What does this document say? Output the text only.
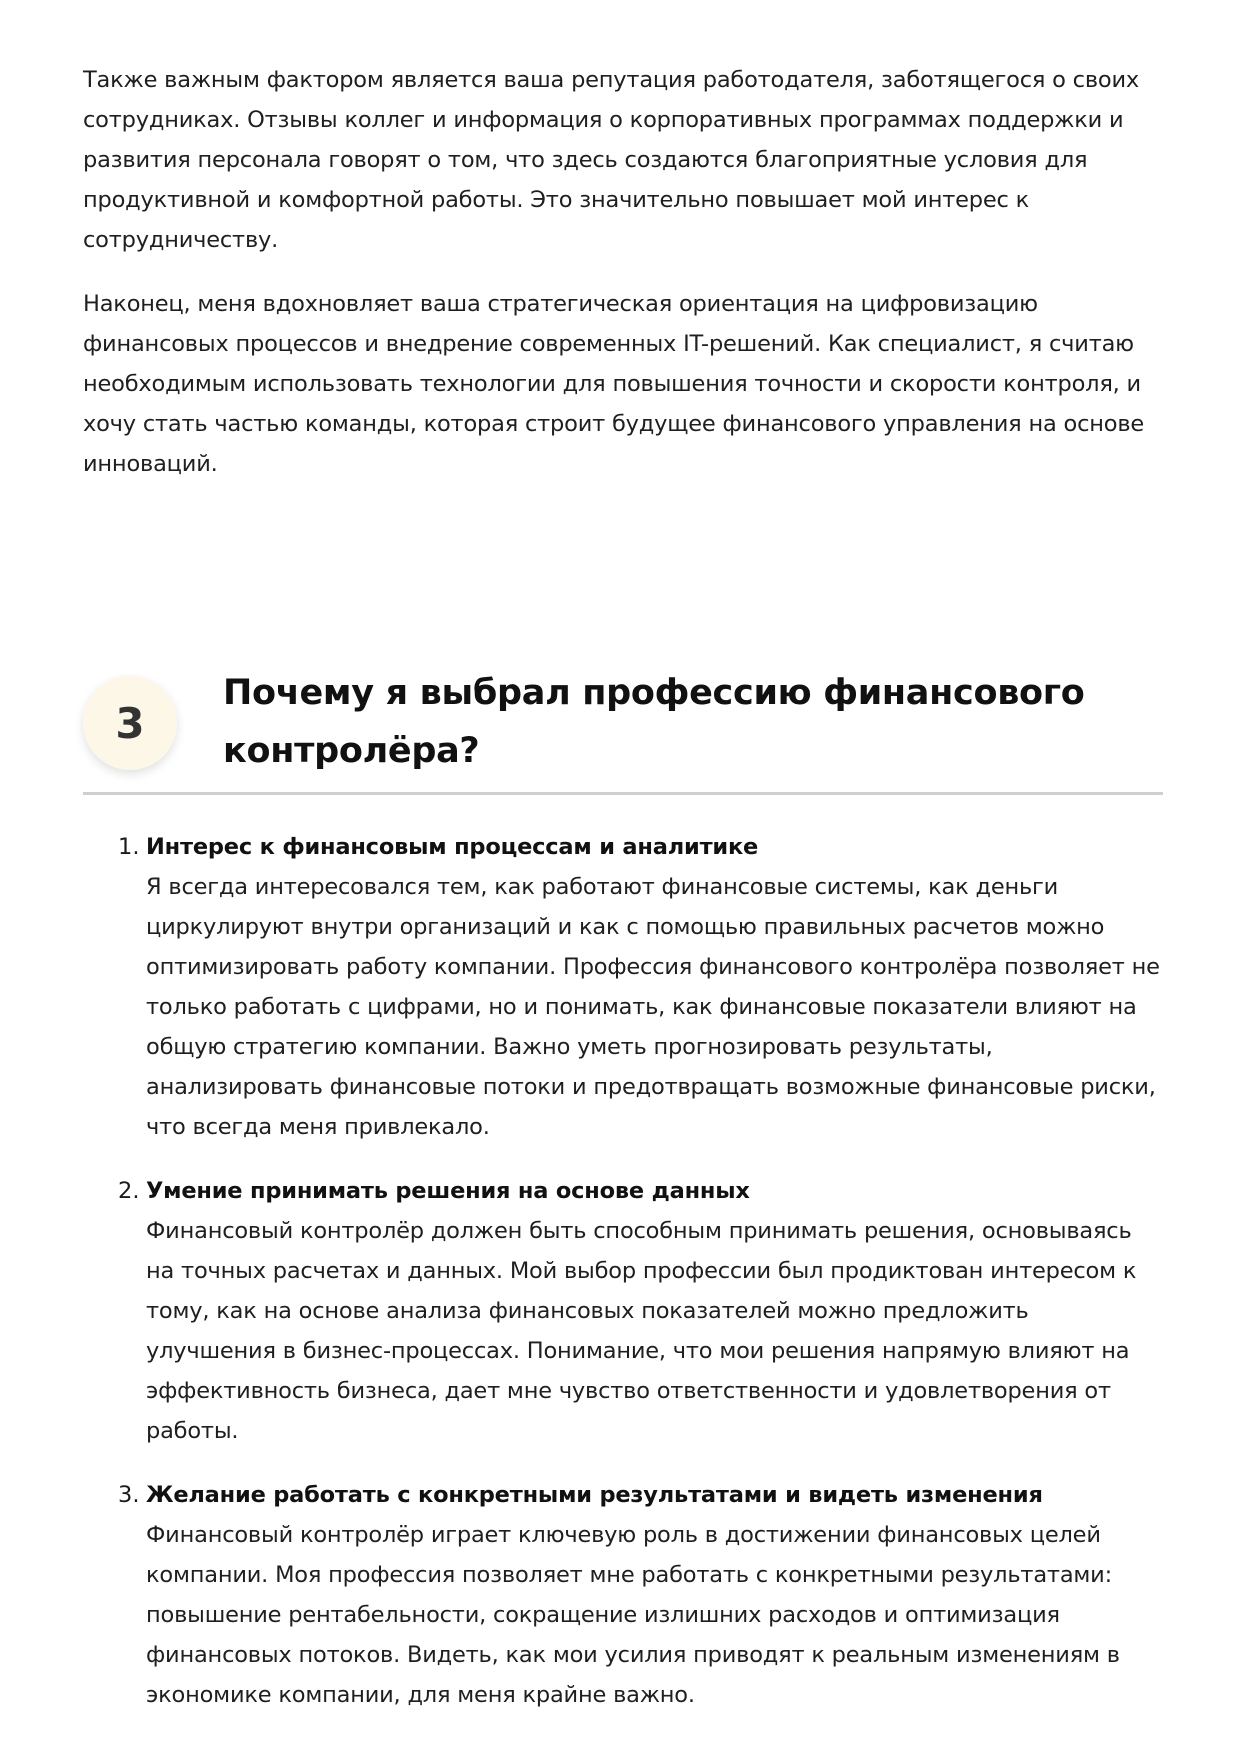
Также важным фактором является ваша репутация работодателя, заботящегося о своих сотрудниках. Отзывы коллег и информация о корпоративных программах поддержки и развития персонала говорят о том, что здесь создаются благоприятные условия для продуктивной и комфортной работы. Это значительно повышает мой интерес к сотрудничеству.

Наконец, меня вдохновляет ваша стратегическая ориентация на цифровизацию финансовых процессов и внедрение современных IT-решений. Как специалист, я считаю необходимым использовать технологии для повышения точности и скорости контроля, и хочу стать частью команды, которая строит будущее финансового управления на основе инноваций.

3
Почему я выбрал профессию финансового контролёра?
1. Интерес к финансовым процессам и аналитике
Я всегда интересовался тем, как работают финансовые системы, как деньги циркулируют внутри организаций и как с помощью правильных расчетов можно оптимизировать работу компании. Профессия финансового контролёра позволяет не только работать с цифрами, но и понимать, как финансовые показатели влияют на общую стратегию компании. Важно уметь прогнозировать результаты, анализировать финансовые потоки и предотвращать возможные финансовые риски, что всегда меня привлекало.
2. Умение принимать решения на основе данных
Финансовый контролёр должен быть способным принимать решения, основываясь на точных расчетах и данных. Мой выбор профессии был продиктован интересом к тому, как на основе анализа финансовых показателей можно предложить улучшения в бизнес-процессах. Понимание, что мои решения напрямую влияют на эффективность бизнеса, дает мне чувство ответственности и удовлетворения от работы.
3. Желание работать с конкретными результатами и видеть изменения
Финансовый контролёр играет ключевую роль в достижении финансовых целей компании. Моя профессия позволяет мне работать с конкретными результатами: повышение рентабельности, сокращение излишних расходов и оптимизация финансовых потоков. Видеть, как мои усилия приводят к реальным изменениям в экономике компании, для меня крайне важно.
